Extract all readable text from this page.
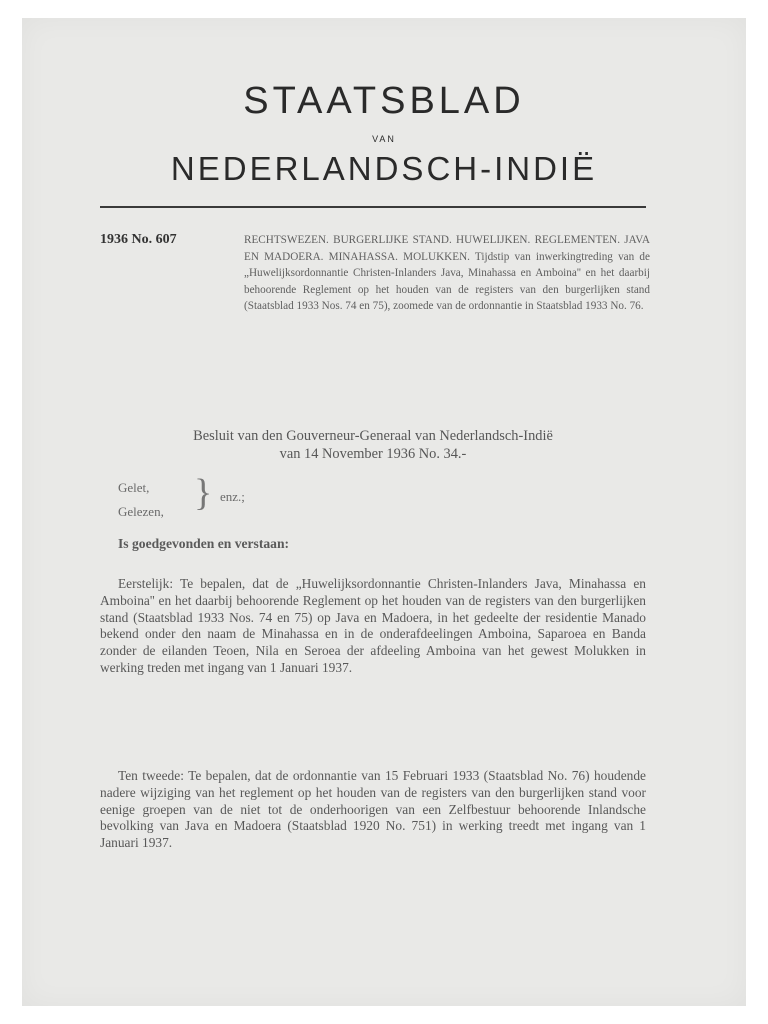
STAATSBLAD
VAN
NEDERLANDSCH-INDIË
1936 No. 607	RECHTSWEZEN. BURGERLIJKE STAND. HUWELIJKEN. REGLEMENTEN. JAVA EN MADOERA. MINAHASSA. MOLUKKEN. Tijdstip van inwerkingtreding van de „Huwelijksordonnantie Christen-Inlanders Java, Minahassa en Amboina'' en het daarbij behoorende Reglement op het houden van de registers van den burgerlijken stand (Staatsblad 1933 Nos. 74 en 75), zoomede van de ordonnantie in Staatsblad 1933 No. 76.
Besluit van den Gouverneur-Generaal van Nederlandsch-Indië
van 14 November 1936 No. 34.-
Gelet,
Gelezen, } enz.;
Is goedgevonden en verstaan:
Eerstelijk: Te bepalen, dat de „Huwelijksordonnantie Christen-Inlanders Java, Minahassa en Amboina'' en het daarbij behoorende Reglement op het houden van de registers van den burgerlijken stand (Staatsblad 1933 Nos. 74 en 75) op Java en Madoera, in het gedeelte der residentie Manado bekend onder den naam de Minahassa en in de onderafdeelingen Amboina, Saparoea en Banda zonder de eilanden Teoen, Nila en Seroea der afdeeling Amboina van het gewest Molukken in werking treden met ingang van 1 Januari 1937.
Ten tweede: Te bepalen, dat de ordonnantie van 15 Februari 1933 (Staatsblad No. 76) houdende nadere wijziging van het reglement op het houden van de registers van den burgerlijken stand voor eenige groepen van de niet tot de onderhoorigen van een Zelfbestuur behoorende Inlandsche bevolking van Java en Madoera (Staatsblad 1920 No. 751) in werking treedt met ingang van 1 Januari 1937.
